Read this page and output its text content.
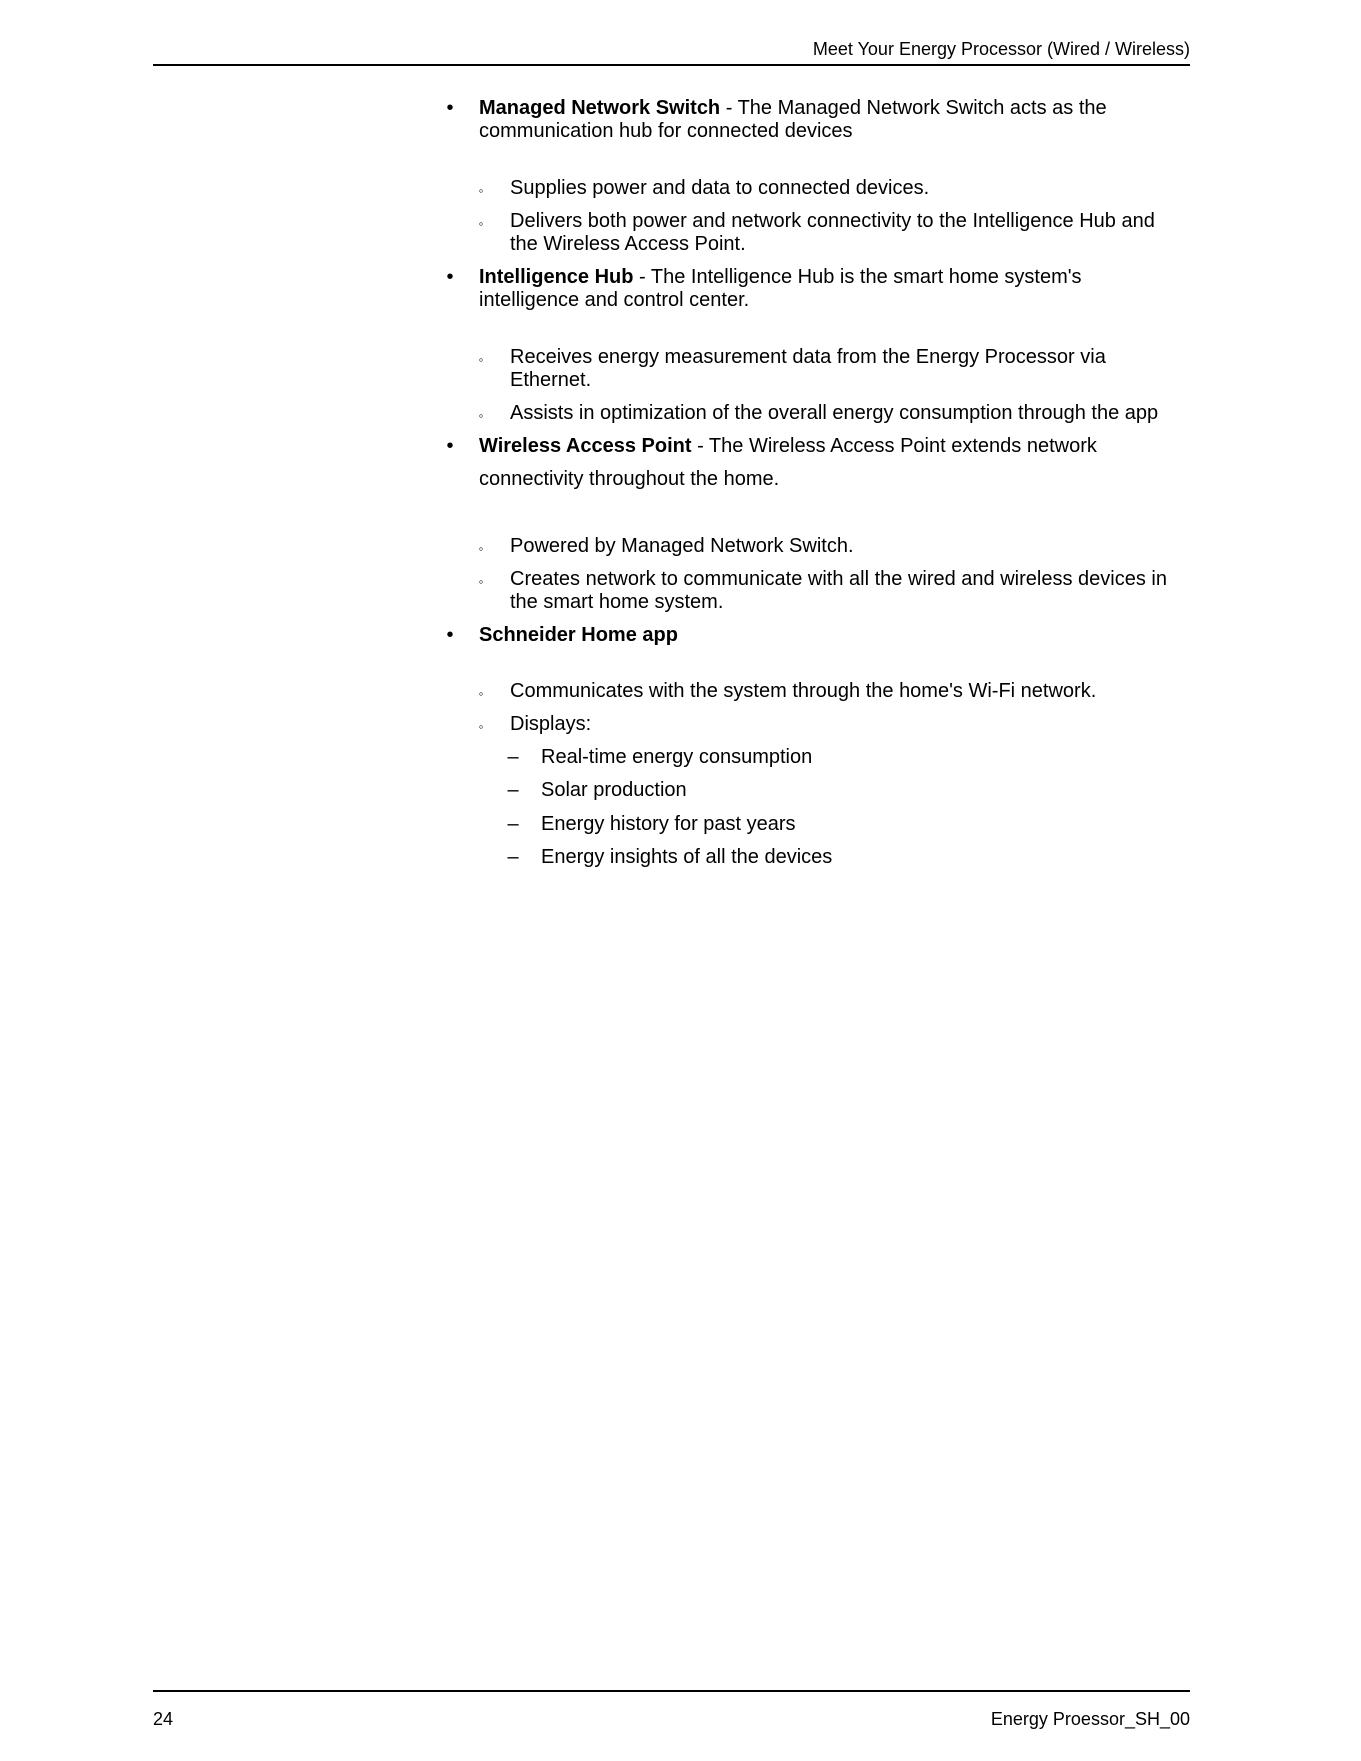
Meet Your Energy Processor (Wired / Wireless)
•	Managed Network Switch - The Managed Network Switch acts as the
communication hub for connected devices
◦	Supplies power and data to connected devices.
◦	Delivers both power and network connectivity to the Intelligence Hub and
the Wireless Access Point.
•	Intelligence Hub - The Intelligence Hub is the smart home system's
intelligence and control center.
◦	Receives energy measurement data from the Energy Processor via
Ethernet.
◦	Assists in optimization of the overall energy consumption through the app
•	Wireless Access Point - The Wireless Access Point extends network
connectivity throughout the home.
◦	Powered by Managed Network Switch.
◦	Creates network to communicate with all the wired and wireless devices in
the smart home system.
•	Schneider Home app
◦	Communicates with the system through the home's Wi-Fi network.
◦	Displays:
– Real-time energy consumption
– Solar production
– Energy history for past years
– Energy insights of all the devices
24	Energy Proessor_SH_00
